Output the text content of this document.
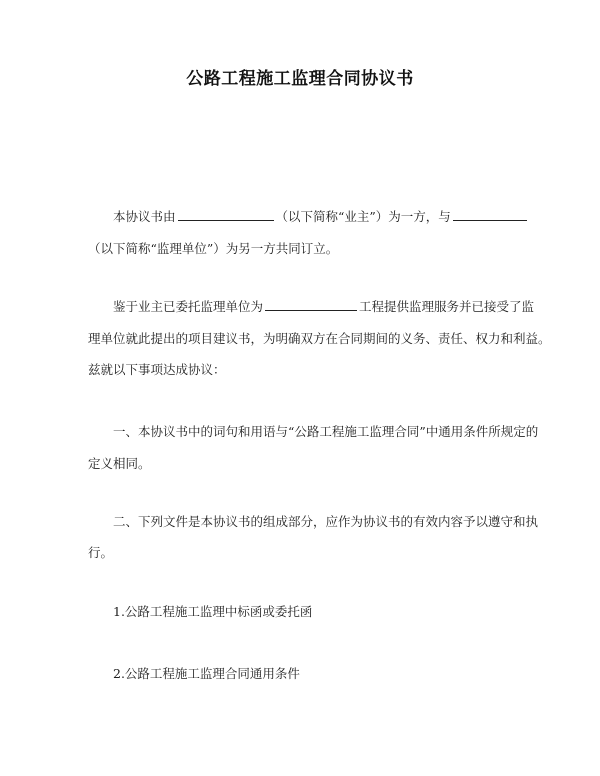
公路工程施工监理合同协议书
本协议书由	（以下简称“业主”）为一方，与
（以下简称“监理单位”）为另一方共同订立。
鉴于业主已委托监理单位为	工程提供监理服务并已接受了监
理单位就此提出的项目建议书，为明确双方在合同期间的义务、责任、权力和利益。
兹就以下事项达成协议：
一、本协议书中的词句和用语与“公路工程施工监理合同”中通用条件所规定的
定义相同。
二、下列文件是本协议书的组成部分，应作为协议书的有效内容予以遵守和执
行。
1.公路工程施工监理中标函或委托函
2.公路工程施工监理合同通用条件
